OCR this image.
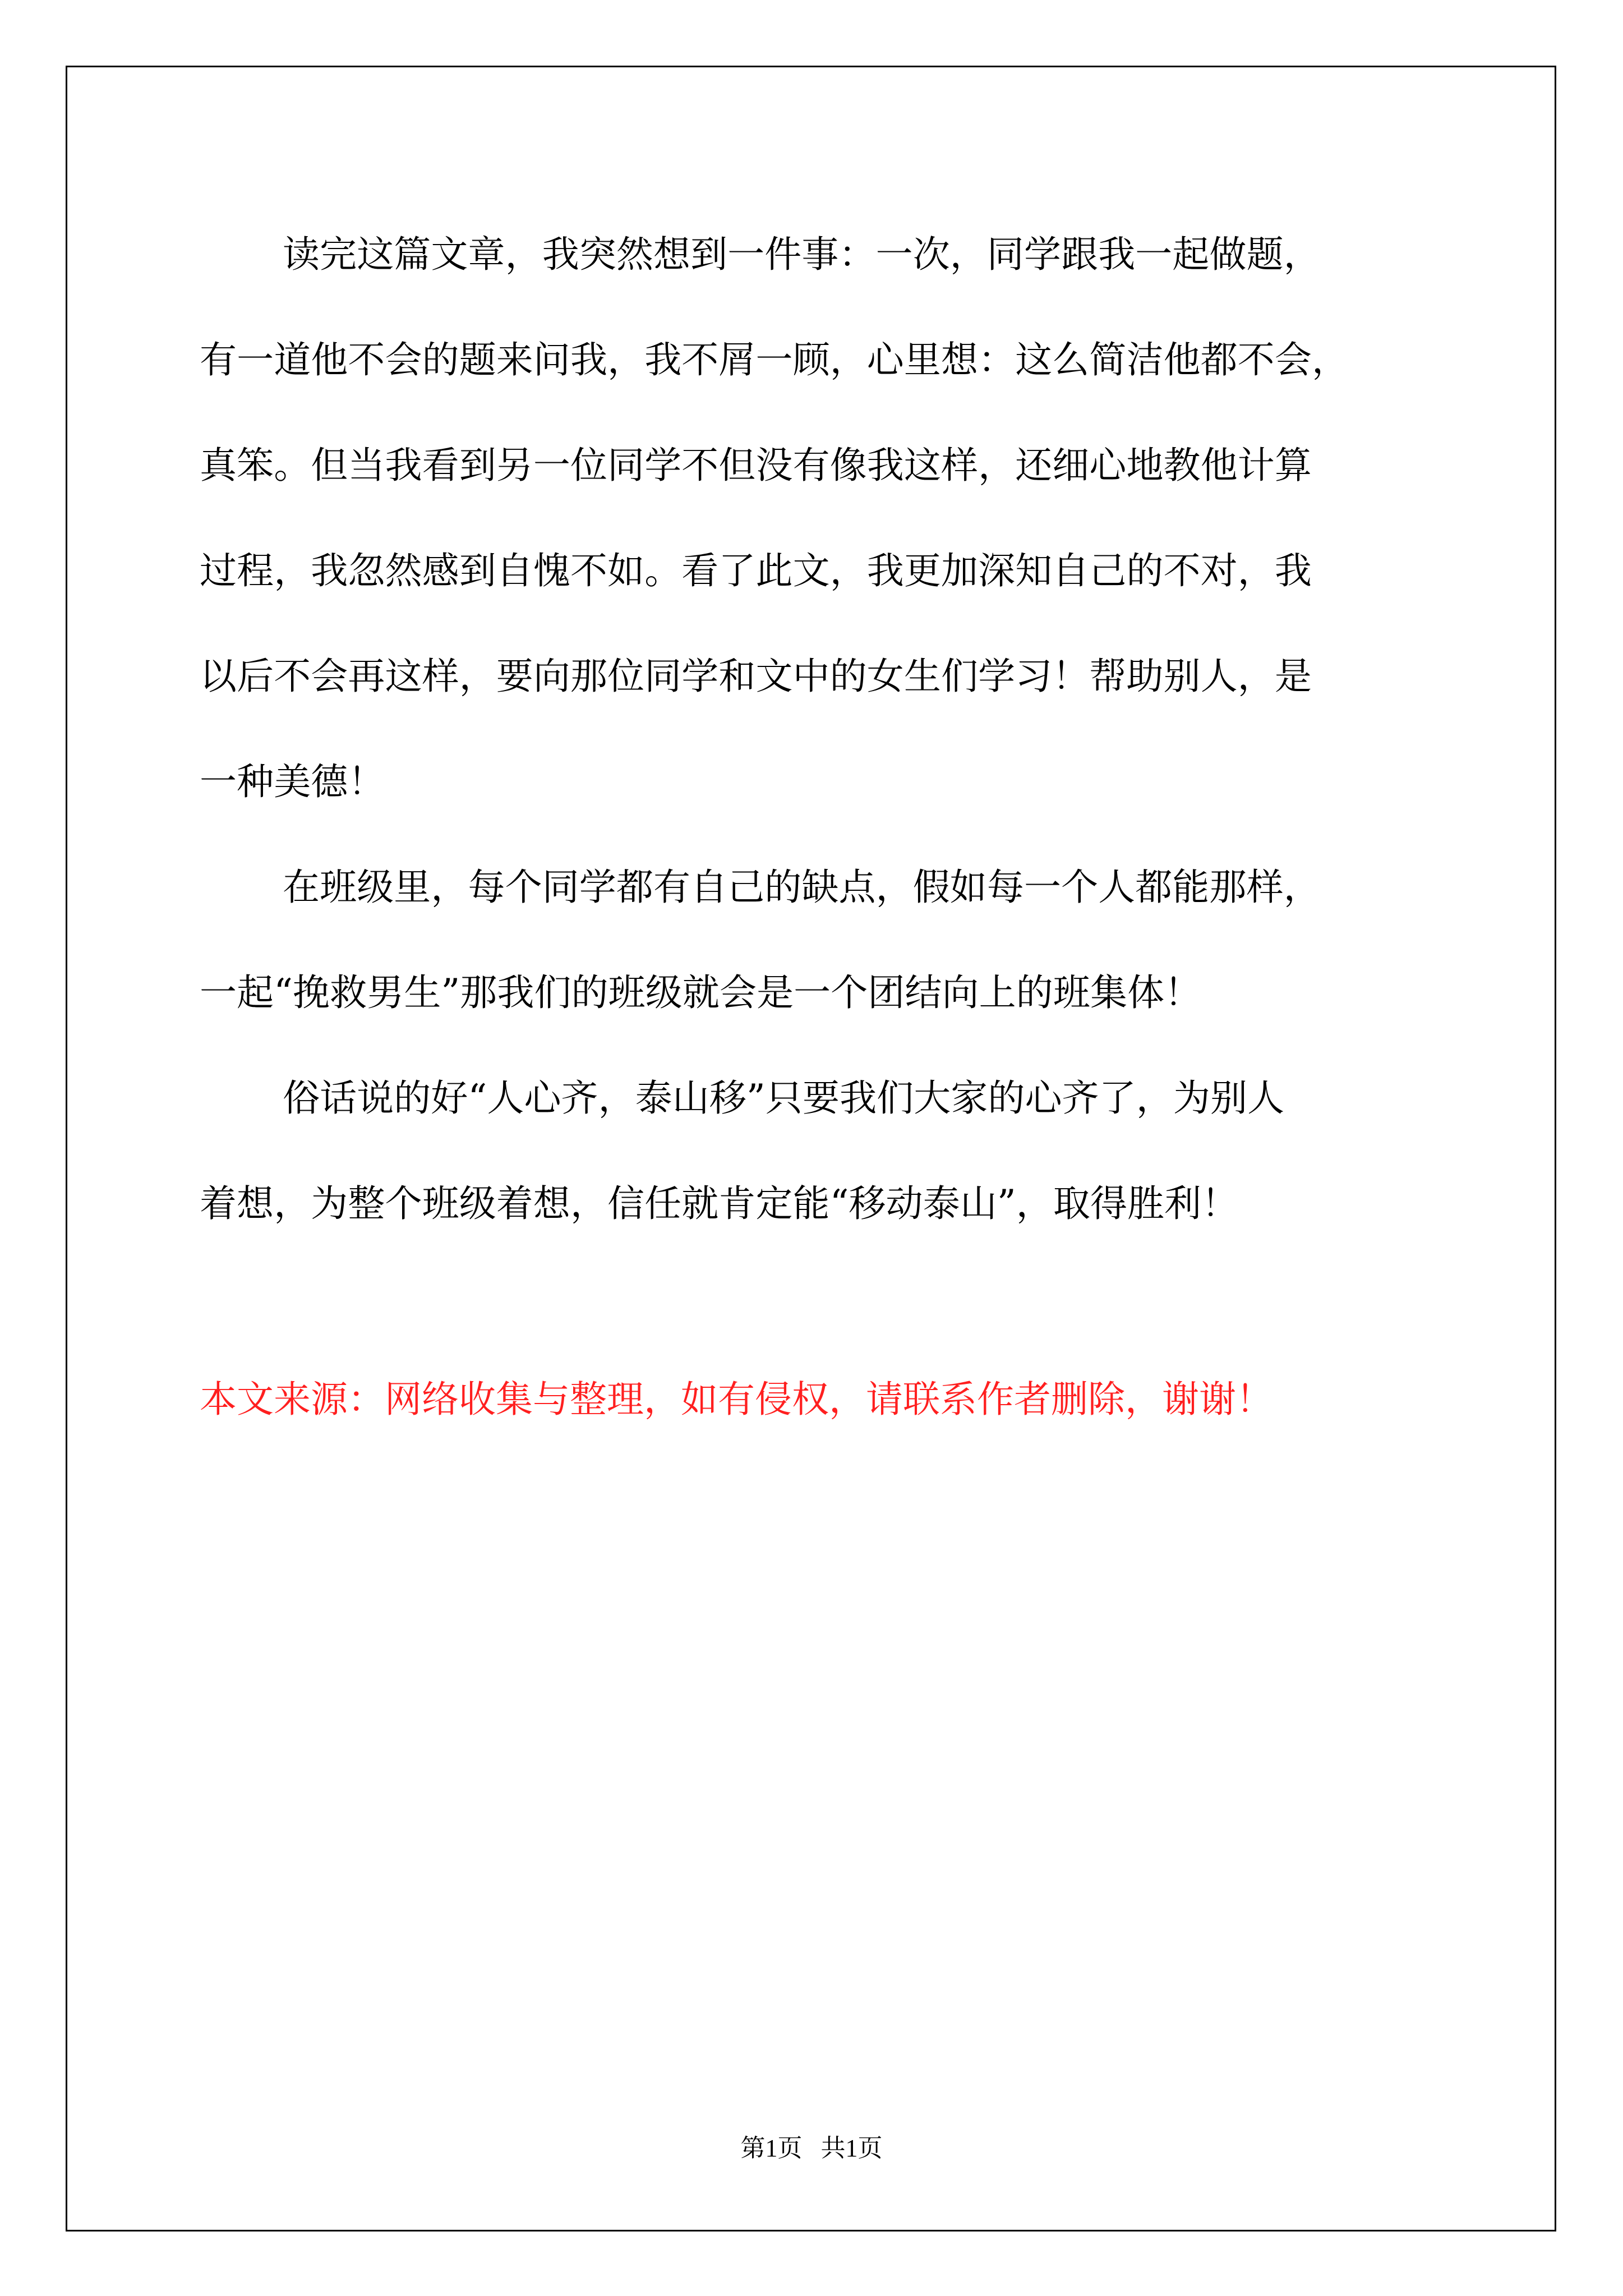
读完这篇文章，我突然想到一件事：一次，同学跟我一起做题，
有一道他不会的题来问我，我不屑一顾，心里想：这么简洁他都不会，
真笨。但当我看到另一位同学不但没有像我这样，还细心地教他计算
过程，我忽然感到自愧不如。看了此文，我更加深知自己的不对，我
以后不会再这样，要向那位同学和文中的女生们学习！帮助别人，是
一种美德！

在班级里，每个同学都有自己的缺点，假如每一个人都能那样，
一起“挽救男生”那我们的班级就会是一个团结向上的班集体！

俗话说的好“人心齐，泰山移”只要我们大家的心齐了，为别人
着想，为整个班级着想，信任就肯定能“移动泰山”，取得胜利！

本文来源：网络收集与整理，如有侵权，请联系作者删除，谢谢！
第1页   共1页
